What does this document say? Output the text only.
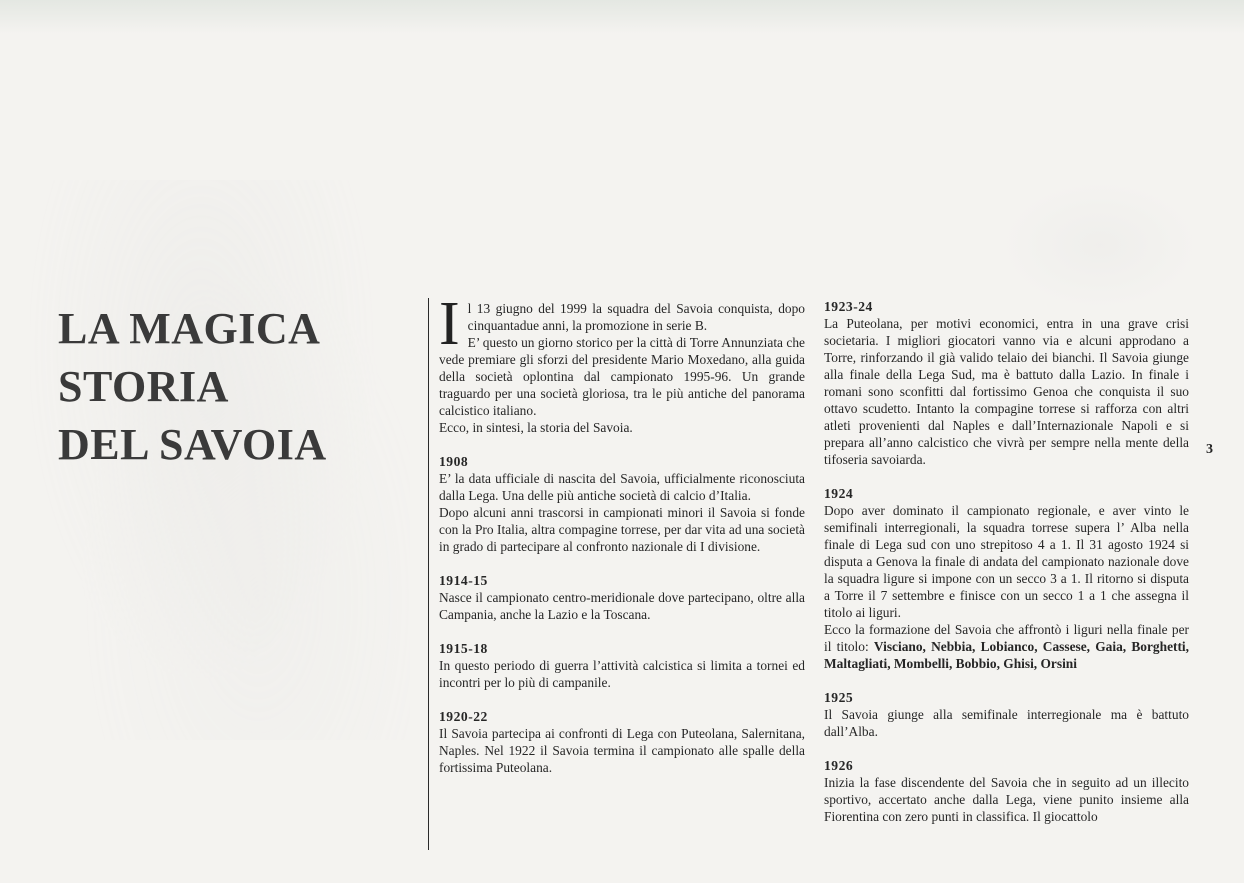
LA MAGICA
STORIA
DEL SAVOIA
I l 13 giugno del 1999 la squadra del Savoia conquista, dopo cinquantadue anni, la promozione in serie B.

E’ questo un giorno storico per la città di Torre Annunziata che vede premiare gli sforzi del presidente Mario Moxedano, alla guida della società oplontina dal campionato 1995-96. Un grande traguardo per una società gloriosa, tra le più antiche del panorama calcistico italiano.

Ecco, in sintesi, la storia del Savoia.

1908

E’ la data ufficiale di nascita del Savoia, ufficialmente riconosciuta dalla Lega. Una delle più antiche società di calcio d’Italia.

Dopo alcuni anni trascorsi in campionati minori il Savoia si fonde con la Pro Italia, altra compagine torrese, per dar vita ad una società in grado di partecipare al confronto nazionale di I divisione.

1914-15

Nasce il campionato centro-meridionale dove partecipano, oltre alla Campania, anche la Lazio e la Toscana.

1915-18

In questo periodo di guerra l’attività calcistica si limita a tornei ed incontri per lo più di campanile.

1920-22

Il Savoia partecipa ai confronti di Lega con Puteolana, Salernitana, Naples. Nel 1922 il Savoia termina il campionato alle spalle della fortissima Puteolana.

1923-24

La Puteolana, per motivi economici, entra in una grave crisi societaria. I migliori giocatori vanno via e alcuni approdano a Torre, rinforzando il già valido telaio dei bianchi. Il Savoia giunge alla finale della Lega Sud, ma è battuto dalla Lazio. In finale i romani sono sconfitti dal fortissimo Genoa che conquista il suo ottavo scudetto. Intanto la compagine torrese si rafforza con altri atleti provenienti dal Naples e dall’Internazionale Napoli e si prepara all’anno calcistico che vivrà per sempre nella mente della tifoseria savoiarda.

1924

Dopo aver dominato il campionato regionale, e aver vinto le semifinali interregionali, la squadra torrese supera l’ Alba nella finale di Lega sud con uno strepitoso 4 a 1. Il 31 agosto 1924 si disputa a Genova la finale di andata del campionato nazionale dove la squadra ligure si impone con un secco 3 a 1. Il ritorno si disputa a Torre il 7 settembre e finisce con un secco 1 a 1 che assegna il titolo ai liguri.

Ecco la formazione del Savoia che affrontò i liguri nella finale per il titolo: Visciano, Nebbia, Lobianco, Cassese, Gaia, Borghetti, Maltagliati, Mombelli, Bobbio, Ghisi, Orsini

1925

Il Savoia giunge alla semifinale interregionale ma è battuto dall’Alba.

1926

Inizia la fase discendente del Savoia che in seguito ad un illecito sportivo, accertato anche dalla Lega, viene punito insieme alla Fiorentina con zero punti in classifica. Il giocattolo

3
